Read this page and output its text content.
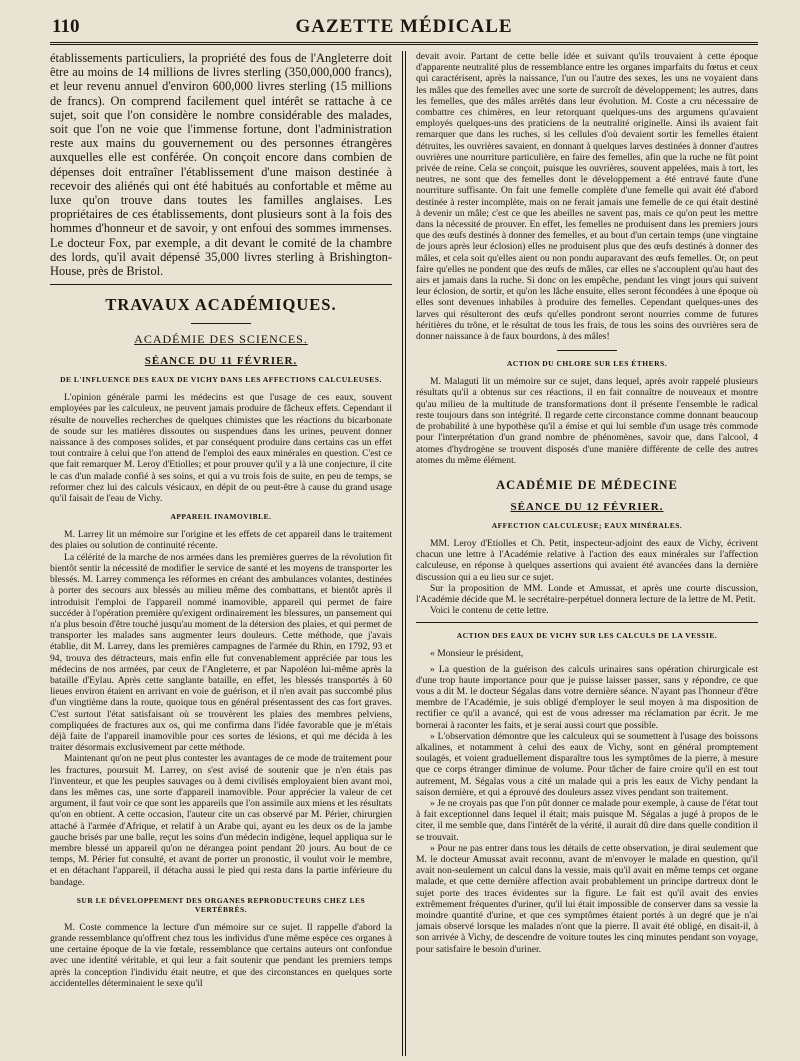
110	GAZETTE MÉDICALE

établissements particuliers, la propriété des fous de l'Angleterre doit être au moins de 14 millions de livres sterling (350,000,000 francs), et leur revenu annuel d'environ 600,000 livres sterling (15 millions de francs). On comprend facilement quel intérêt se rattache à ce sujet, soit que l'on considère le nombre considérable des malades, soit que l'on ne voie que l'immense fortune, dont l'administration reste aux mains du gouvernement ou des personnes étrangères auxquelles elle est conférée. On conçoit encore dans combien de dépenses doit entraîner l'établissement d'une maison destinée à recevoir des aliénés qui ont été habitués au confortable et même au luxe qu'on trouve dans toutes les familles anglaises. Les propriétaires de ces établissements, dont plusieurs sont à la fois des hommes d'honneur et de savoir, y ont enfoui des sommes immenses. Le docteur Fox, par exemple, a dit devant le comité de la chambre des lords, qu'il avait dépensé 35,000 livres sterling à Brishington-House, près de Bristol.

TRAVAUX ACADÉMIQUES.
ACADÉMIE DES SCIENCES.
SÉANCE DU 11 FÉVRIER.
DE L'INFLUENCE DES EAUX DE VICHY DANS LES AFFECTIONS CALCULEUSES.

L'opinion générale parmi les médecins est que l'usage de ces eaux, souvent employées par les calculeux, ne peuvent jamais produire de fâcheux effets. Cependant il résulte de nouvelles recherches de quelques chimistes que les réactions du bicarbonate de soude sur les matières dissoutes ou suspendues dans les urines, peuvent donner naissance à des composes solides, et par conséquent produire dans certains cas un effet tout contraire à celui que l'on attend de l'emploi des eaux minérales en question. C'est ce que fait remarquer M. Leroy d'Etiolles; et pour prouver qu'il y a là une conjecture, il cite le cas d'un malade confié à ses soins, et qui a vu trois fois de suite, en peu de temps, se reformer chez lui des calculs vésicaux, en dépit de ou peut-être à cause du grand usage qu'il faisait de l'eau de Vichy.

APPAREIL INAMOVIBLE.

M. Larrey lit un mémoire sur l'origine et les effets de cet appareil dans le traitement des plaies ou solution de continuité récente.

La célérité de la marche de nos armées dans les premières guerres de la révolution fit bientôt sentir la nécessité de modifier le service de santé et les moyens de transporter les blessés. M. Larrey commença les réformes en créant des ambulances volantes, destinées à porter des secours aux blessés au milieu même des combattans, et bientôt après il introduisit l'emploi de l'appareil nommé inamovible, appareil qui permet de faire succéder à l'opération première qu'exigent ordinairement les blessures, un pansement qui n'a plus besoin d'être touché jusqu'au moment de la détersion des plaies, et qui permet de transporter les malades sans augmenter leurs douleurs. Cette méthode, que j'avais établie, dit M. Larrey, dans les premières campagnes de l'armée du Rhin, en 1792, 93 et 94, trouva des détracteurs, mais enfin elle fut convenablement appréciée par tous les médecins de nos armées, par ceux de l'Angleterre, et par Napoléon lui-même après la bataille d'Eylau. Après cette sanglante bataille, en effet, les blessés transportés à 60 lieues environ étaient en arrivant en voie de guérison, et il n'en avait pas succombé plus d'un vingtième dans la route, quoique tous en général présentassent des cas fort graves. C'est surtout l'état satisfaisant où se trouvèrent les plaies des membres pelviens, compliquées de fractures aux os, qui me confirma dans l'idée favorable que je m'étais déjà faite de l'appareil inamovible pour ces sortes de lésions, et qui me décida à les traiter désormais exclusivement par cette méthode.

Maintenant qu'on ne peut plus contester les avantages de ce mode de traitement pour les fractures, poursuit M. Larrey, on s'est avisé de soutenir que je n'en étais pas l'inventeur, et que les peuples sauvages ou à demi civilisés employaient bien avant moi, dans les mêmes cas, une sorte d'appareil inamovible. Pour apprécier la valeur de cet argument, il faut voir ce que sont les appareils que l'on assimile aux miens et les résultats qu'on en obtient. A cette occasion, l'auteur cite un cas observé par M. Périer, chirurgien attaché à l'armée d'Afrique, et relatif à un Arabe qui, ayant eu les deux os de la jambe gauche brisés par une balle, reçut les soins d'un médecin indigène, lequel appliqua sur le membre blessé un appareil qu'on ne dérangea point pendant 20 jours. Au bout de ce temps, M. Périer fut consulté, et avant de porter un pronostic, il voulut voir le membre, et en détachant l'appareil, il détacha aussi le pied qui resta dans la partie inférieure du bandage.

SUR LE DÉVELOPPEMENT DES ORGANES REPRODUCTEURS CHEZ LES VERTÉBRÉS.

M. Coste commence la lecture d'un mémoire sur ce sujet. Il rappelle d'abord la grande ressemblance qu'offrent chez tous les individus d'une même espèce ces organes à une certaine époque de la vie fœtale, ressemblance que certains auteurs ont confondue avec une identité véritable, et qui leur a fait soutenir que pendant les premiers temps après la conception l'individu était neutre, et que des circonstances en quelques sorte accidentelles déterminaient le sexe qu'il

devait avoir. Partant de cette belle idée et suivant qu'ils trouvaient à cette époque d'apparente neutralité plus de ressemblance entre les organes imparfaits du fœtus et ceux qui caractérisent, après la naissance, l'un ou l'autre des sexes, les uns ne voyaient dans les mâles que des femelles avec une sorte de surcroît de développement; les autres, dans les femelles, que des mâles arrêtés dans leur évolution. M. Coste a cru nécessaire de combattre ces chimères, en leur retorquant quelques-uns des argumens qu'avaient employés quelques-uns des praticiens de la neutralité originelle. Ainsi ils avaient fait remarquer que dans les ruches, si les cellules d'où devaient sortir les femelles étaient détruites, les ouvrières savaient, en donnant à quelques larves destinées à donner d'autres ouvrières une nourriture particulière, en faire des femelles, afin que la ruche ne fût point privée de reine. Cela se conçoit, puisque les ouvrières, souvent appelées, mais à tort, les neutres, ne sont que des femelles dont le développement a été entravé faute d'une nourriture suffisante. On fait une femelle complète d'une femelle qui avait été d'abord destinée à rester incomplète, mais on ne ferait jamais une femelle de ce qui était destiné à devenir un mâle; c'est ce que les abeilles ne savent pas, mais ce qu'on peut les mettre dans la nécessité de prouver. En effet, les femelles ne produisent dans les premiers jours que des œufs destinés à donner des femelles, et au bout d'un certain temps (une vingtaine de jours après leur éclosion) elles ne produisent plus que des œufs destinés à donner des mâles, et cela soit qu'elles aient ou non pondu auparavant des œufs femelles. Or, on peut faire qu'elles ne pondent que des œufs de mâles, car elles ne s'accouplent qu'au haut des airs et jamais dans la ruche. Si donc on les empêche, pendant les vingt jours qui suivent leur éclosion, de sortir, et qu'on les lâche ensuite, elles seront fécondées à une époque où elles sont devenues inhabiles à produire des femelles. Cependant quelques-unes des larves qui résulteront des œufs qu'elles pondront seront nourries comme de futures héritières du trône, et le résultat de tous les frais, de tous les soins des ouvrières sera de donner naissance à de faux bourdons, à des mâles!

ACTION DU CHLORE SUR LES ÉTHERS.

M. Malaguti lit un mémoire sur ce sujet, dans lequel, après avoir rappelé plusieurs résultats qu'il a obtenus sur ces réactions, il en fait connaître de nouveaux et montre qu'au milieu de la multitude de transformations dont il présente l'ensemble le radical reste toujours dans son intégrité. Il regarde cette circonstance comme donnant beaucoup de probabilité à une hypothèse qu'il a émise et qui lui semble d'un usage très commode pour l'interprétation d'un grand nombre de phénomènes, savoir que, dans l'alcool, 4 atomes d'hydrogène se trouvent disposés d'une manière différente de celle des autres atomes du même élément.

ACADÉMIE DE MÉDECINE
SÉANCE DU 12 FÉVRIER.
AFFECTION CALCULEUSE; EAUX MINÉRALES.

MM. Leroy d'Etiolles et Ch. Petit, inspecteur-adjoint des eaux de Vichy, écrivent chacun une lettre à l'Académie relative à l'action des eaux minérales sur l'affection calculeuse, en réponse à quelques assertions qui avaient été avancées dans la dernière discussion qui a eu lieu sur ce sujet.

Sur la proposition de MM. Londe et Amussat, et après une courte discussion, l'Académie décide que M. le secrétaire-perpétuel donnera lecture de la lettre de M. Petit.

Voici le contenu de cette lettre.

ACTION DES EAUX DE VICHY SUR LES CALCULS DE LA VESSIE.

« Monsieur le président,

» La question de la guérison des calculs urinaires sans opération chirurgicale est d'une trop haute importance pour que je puisse laisser passer, sans y répondre, ce que vous a dit M. le docteur Ségalas dans votre dernière séance. N'ayant pas l'honneur d'être membre de l'Académie, je suis obligé d'employer le seul moyen à ma disposition de rectifier ce qu'il a avancé, qui est de vous adresser ma réclamation par écrit. Je me bornerai à raconter les faits, et je serai aussi court que possible.

» L'observation démontre que les calculeux qui se soumettent à l'usage des boissons alkalines, et notamment à celui des eaux de Vichy, sont en général promptement soulagés, et voient graduellement disparaître tous les symptômes de la pierre, à mesure que ce corps étranger diminue de volume. Pour tâcher de faire croire qu'il en est tout autrement, M. Ségalas vous a cité un malade qui a pris les eaux de Vichy pendant la saison dernière, et qui a éprouvé des douleurs assez vives pendant son traitement.

» Je ne croyais pas que l'on pût donner ce malade pour exemple, à cause de l'état tout à fait exceptionnel dans lequel il était; mais puisque M. Ségalas a jugé à propos de le citer, il me semble que, dans l'intérêt de la vérité, il aurait dû dire dans quelle condition il se trouvait.

» Pour ne pas entrer dans tous les détails de cette observation, je dirai seulement que M. le docteur Amussat avait reconnu, avant de m'envoyer le malade en question, qu'il avait non-seulement un calcul dans la vessie, mais qu'il avait en même temps cet organe malade, et que cette dernière affection avait probablement un principe dartreux dont le sujet porte des traces évidentes sur la figure. Le fait est qu'il avait des envies extrêmement fréquentes d'uriner, qu'il lui était impossible de conserver dans sa vessie la moindre quantité d'urine, et que ces symptômes étaient portés à un degré que je n'ai jamais observé lorsque les malades n'ont que la pierre. Il avait été obligé, en disait-il, à son arrivée à Vichy, de descendre de voiture toutes les cinq minutes pendant son voyage, pour satisfaire le besoin d'uriner.
